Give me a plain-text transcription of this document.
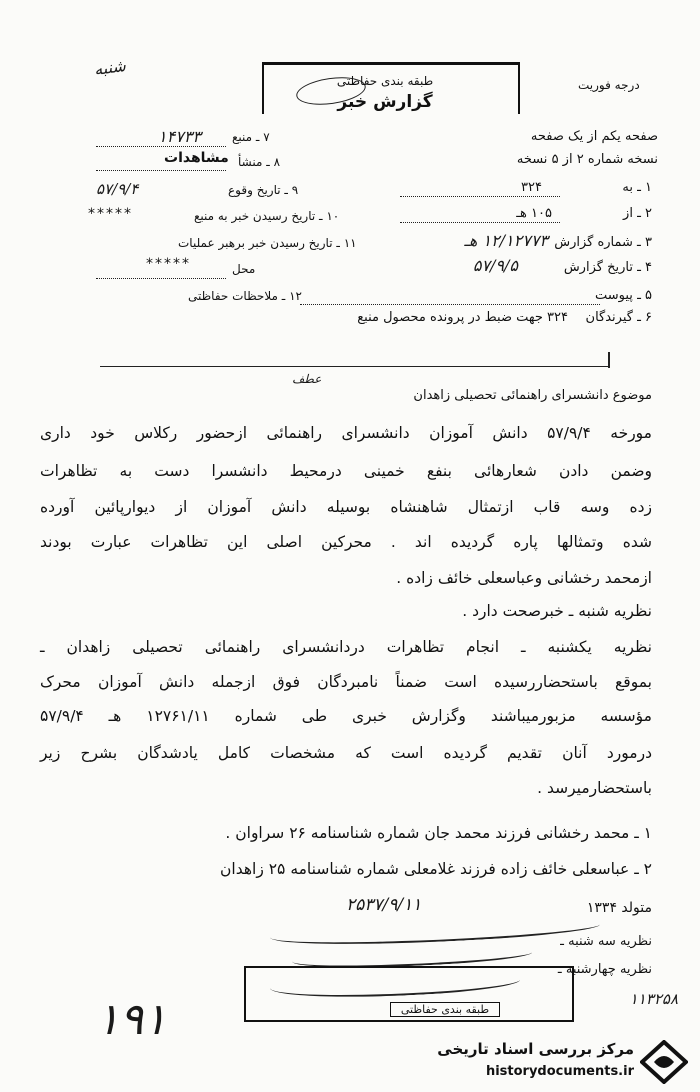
شنبه
درجه فوریت
طبقه بندی حفاظتی
گزارش خبر
صفحه یکم از یک صفحه
نسخه شماره ۲ از ۵ نسخه
۱ ـ به
۳۲۴
۲ ـ از
۱۰۵ هـ
۳ ـ شماره گزارش
۱۲/۱۲۷۷۳ هـ
۴ ـ تاریخ گزارش
۵۷/۹/۵
۵ ـ پیوست
۶ ـ گیرندگان
۳۲۴ جهت ضبط در پرونده محصول منبع
۷ ـ منبع
۱۴۷۳۳
۸ ـ منشأ
مشاهدات
۹ ـ تاریخ وقوع
۵۷/۹/۴
۱۰ ـ تاریخ رسیدن خبر به منبع
*****
۱۱ ـ تاریخ رسیدن خبر برهبر عملیات
محل
*****
۱۲ ـ ملاحظات حفاظتی
عطف
موضوع دانشسرای راهنمائی تحصیلی زاهدان
مورخه ۵۷/۹/۴ دانش آموزان دانشسرای راهنمائی ازحضور رکلاس خود داری
وضمن دادن شعارهائی بنفع خمینی درمحیط دانشسرا دست به تظاهرات
زده وسه قاب ازتمثال شاهنشاه بوسیله دانش آموزان از دیوارپائین آورده
شده وتمثالها پاره گردیده اند . محرکین اصلی این تظاهرات عبارت بودند
ازمحمد رخشانی وعباسعلی خائف زاده .
نظریه شنبه ـ خبرصحت دارد .
نظریه یکشنبه ـ انجام تظاهرات دردانشسرای راهنمائی تحصیلی زاهدان ـ
بموقع باستحضاررسیده است ضمناً نامبردگان فوق ازجمله دانش آموزان محرک
مؤسسه مزبورمیباشند وگزارش خبری طی شماره ۱۲۷۶۱/۱۱ هـ ۵۷/۹/۴
درمورد آنان تقدیم گردیده است که مشخصات کامل یادشدگان بشرح زیر
باستحضارمیرسد .
۱ ـ محمد رخشانی فرزند محمد جان شماره شناسنامه ۲۶ سراوان .
۲ ـ عباسعلی خائف زاده فرزند غلامعلی شماره شناسنامه ۲۵ زاهدان
متولد ۱۳۳۴
۲۵۳۷/۹/۱۱
نظریه سه شنبه ـ
نظریه چهارشنبه ـ
۱۱۳۲۵۸
طبقه بندی حفاظتی
۱۹۱
مرکز بررسی اسناد تاریخی
historydocuments.ir
